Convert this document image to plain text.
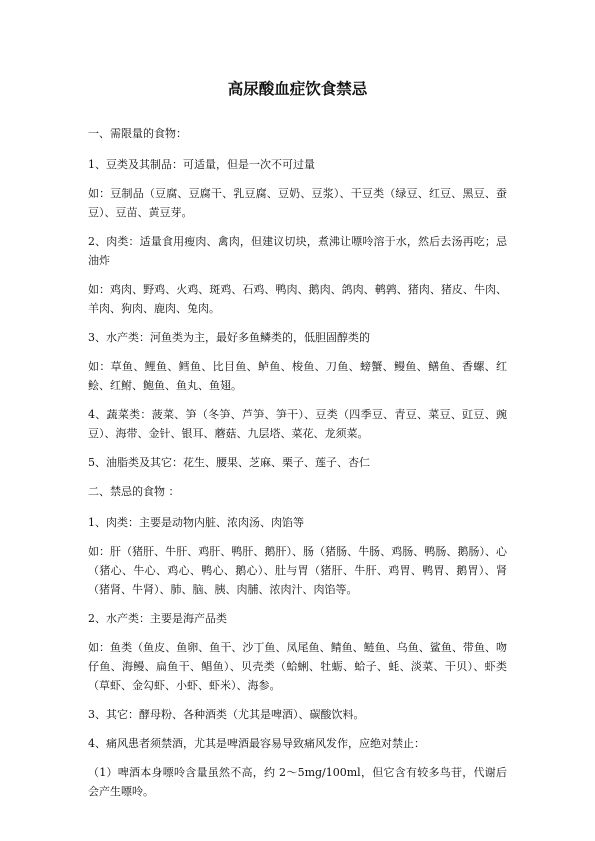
高尿酸血症饮食禁忌

一、需限量的食物：

1、豆类及其制品：可适量，但是一次不可过量

如：豆制品（豆腐、豆腐干、乳豆腐、豆奶、豆浆）、干豆类（绿豆、红豆、黑豆、蚕豆）、豆苗、黄豆芽。

2、肉类：适量食用瘦肉、禽肉，但建议切块，煮沸让嘌呤溶于水，然后去汤再吃；忌油炸

如：鸡肉、野鸡、火鸡、斑鸡、石鸡、鸭肉、鹅肉、鸽肉、鹌鹑、猪肉、猪皮、牛肉、羊肉、狗肉、鹿肉、兔肉。

3、水产类：河鱼类为主，最好多鱼鳞类的，低胆固醇类的

如：草鱼、鲤鱼、鳕鱼、比目鱼、鲈鱼、梭鱼、刀鱼、螃蟹、鳗鱼、鳝鱼、香螺、红鲙、红鲋、鲍鱼、鱼丸、鱼翅。

4、蔬菜类：菠菜、笋（冬笋、芦笋、笋干）、豆类（四季豆、青豆、菜豆、豇豆、豌豆）、海带、金针、银耳、蘑菇、九层塔、菜花、龙须菜。

5、油脂类及其它：花生、腰果、芝麻、栗子、莲子、杏仁

二、禁忌的食物 ：

1、肉类：主要是动物内脏、浓肉汤、肉馅等

如：肝（猪肝、牛肝、鸡肝、鸭肝、鹅肝）、肠（猪肠、牛肠、鸡肠、鸭肠、鹅肠）、心（猪心、牛心、鸡心、鸭心、鹅心）、肚与胃（猪肝、牛肝、鸡胃、鸭胃、鹅胃）、肾（猪肾、牛肾）、肺、脑、胰、肉脯、浓肉汁、肉馅等。

2、水产类：主要是海产品类

如：鱼类（鱼皮、鱼卵、鱼干、沙丁鱼、凤尾鱼、鲭鱼、鲢鱼、乌鱼、鲨鱼、带鱼、吻仔鱼、海鳗、扁鱼干、鲳鱼）、贝壳类（蛤蜊、牡蛎、蛤子、蚝、淡菜、干贝）、虾类（草虾、金勾虾、小虾、虾米）、海参。

3、其它：酵母粉、各种酒类（尤其是啤酒）、碳酸饮料。

4、痛风患者须禁酒，尤其是啤酒最容易导致痛风发作，应绝对禁止：

（1）啤酒本身嘌呤含量虽然不高，约 2～5mg/100ml，但它含有较多鸟苷，代谢后会产生嘌呤。
